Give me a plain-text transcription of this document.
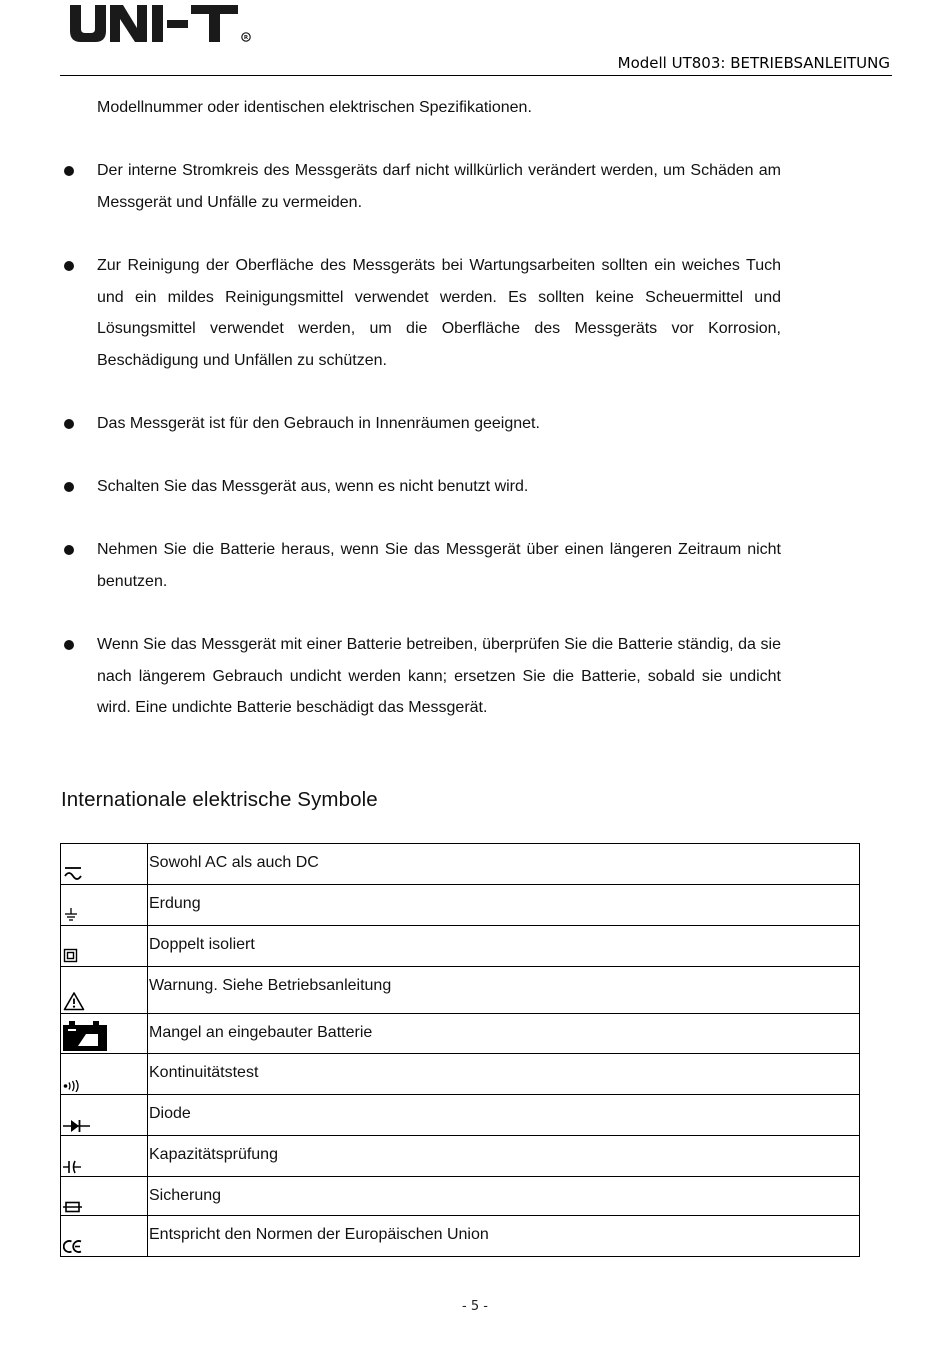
R
Modell UT803: BETRIEBSANLEITUNG
Modellnummer oder identischen elektrischen Spezifikationen.
Der interne Stromkreis des Messgeräts darf nicht willkürlich verändert werden, um Schäden am Messgerät und Unfälle zu vermeiden.
Zur Reinigung der Oberfläche des Messgeräts bei Wartungsarbeiten sollten ein weiches Tuch und ein mildes Reinigungsmittel verwendet werden. Es sollten keine Scheuermittel und Lösungsmittel verwendet werden, um die Oberfläche des Messgeräts vor Korrosion, Beschädigung und Unfällen zu schützen.
Das Messgerät ist für den Gebrauch in Innenräumen geeignet.
Schalten Sie das Messgerät aus, wenn es nicht benutzt wird.
Nehmen Sie die Batterie heraus, wenn Sie das Messgerät über einen längeren Zeitraum nicht benutzen.
Wenn Sie das Messgerät mit einer Batterie betreiben, überprüfen Sie die Batterie ständig, da sie nach längerem Gebrauch undicht werden kann; ersetzen Sie die Batterie, sobald sie undicht wird. Eine undichte Batterie beschädigt das Messgerät.
Internationale elektrische Symbole
	Sowohl AC als auch DC

	Erdung

	Doppelt isoliert

	Warnung. Siehe Betriebsanleitung

	Mangel an eingebauter Batterie

	Kontinuitätstest

	Diode

	Kapazitätsprüfung

	Sicherung

	Entspricht den Normen der Europäischen Union
- 5 -
